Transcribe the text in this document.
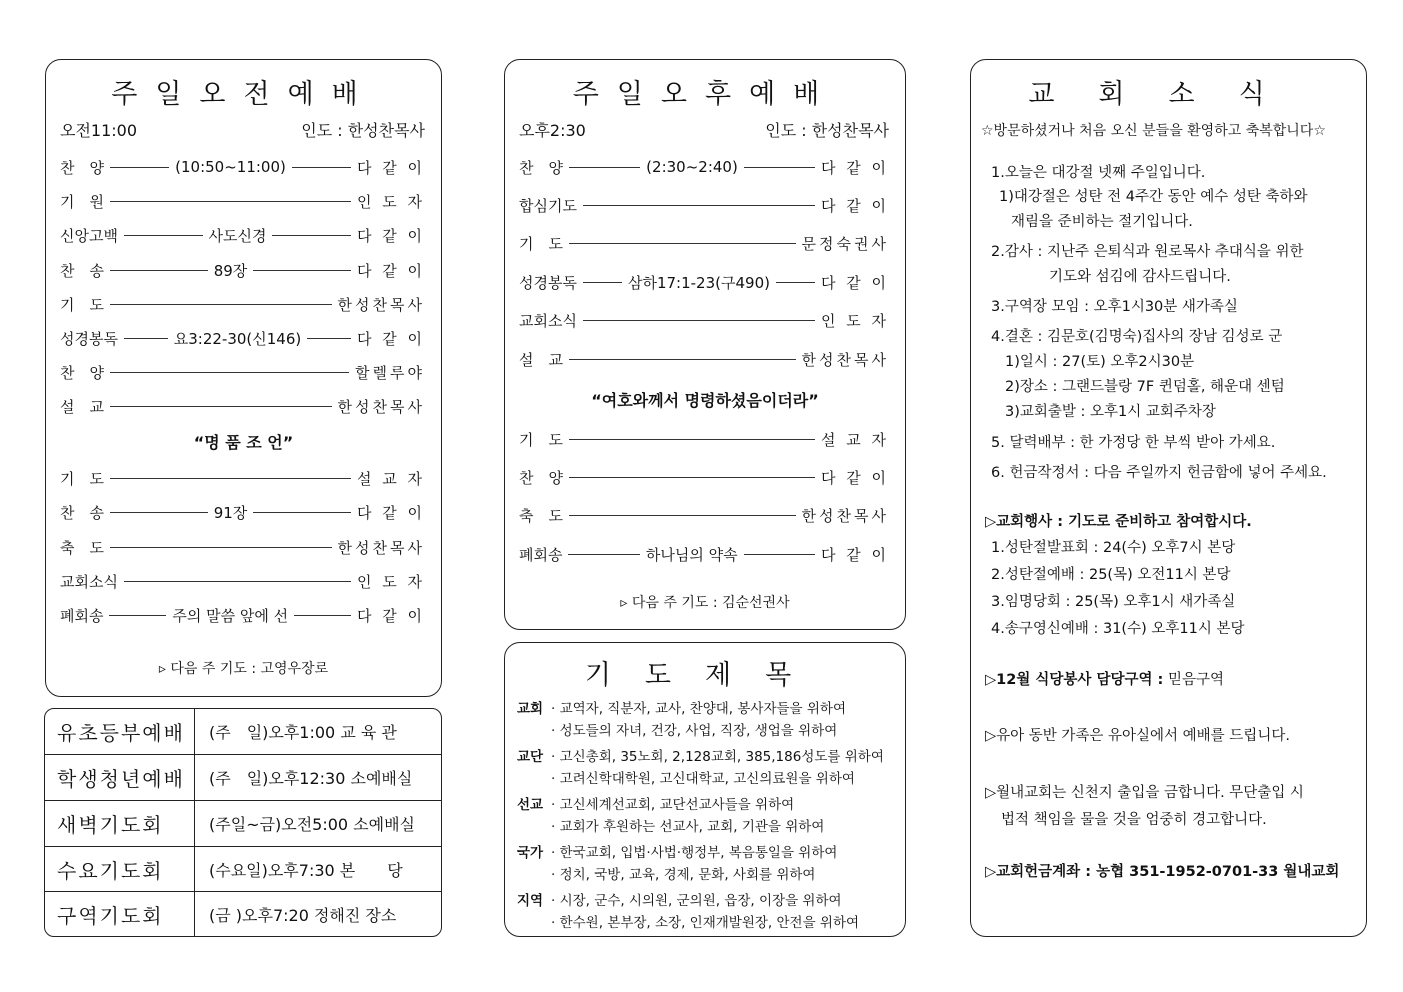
주일오전예배
오전11:00	인도 : 한성찬목사
찬　양	(10:50~11:00)	다 같 이
기　원	인 도 자
신앙고백	사도신경	다 같 이
찬　송	89장	다 같 이
기　도	한성찬목사
성경봉독	요3:22-30(신146)	다 같 이
찬　양	할렐루야
설　교	한성찬목사
“명 품 조 언”
기　도	설 교 자
찬　송	91장	다 같 이
축　도	한성찬목사
교회소식	인 도 자
폐회송	주의 말씀 앞에 선	다 같 이
▹ 다음 주 기도 : 고영우장로
유초등부예배	(주　일)오후1:00 교 육 관
학생청년예배	(주　일)오후12:30 소예배실
새벽기도회	(주일~금)오전5:00 소예배실
수요기도회	(수요일)오후7:30 본　　당
구역기도회	(금 )오후7:20 정해진 장소
주일오후예배
오후2:30	인도 : 한성찬목사
찬　양	(2:30~2:40)	다 같 이
합심기도	다 같 이
기　도	문정숙권사
성경봉독	삼하17:1-23(구490)	다 같 이
교회소식	인 도 자
설　교	한성찬목사
“여호와께서 명령하셨음이더라”
기　도	설 교 자
찬　양	다 같 이
축　도	한성찬목사
폐회송	하나님의 약속	다 같 이
▹ 다음 주 기도 : 김순선권사
기도제목
교회 · 교역자, 직분자, 교사, 찬양대, 봉사자들을 위하여
· 성도들의 자녀, 건강, 사업, 직장, 생업을 위하여
교단 · 고신총회, 35노회, 2,128교회, 385,186성도를 위하여
· 고려신학대학원, 고신대학교, 고신의료원을 위하여
선교 · 고신세계선교회, 교단선교사들을 위하여
· 교회가 후원하는 선교사, 교회, 기관을 위하여
국가 · 한국교회, 입법·사법·행정부, 복음통일을 위하여
· 정치, 국방, 교육, 경제, 문화, 사회를 위하여
지역 · 시장, 군수, 시의원, 군의원, 읍장, 이장을 위하여
· 한수원, 본부장, 소장, 인재개발원장, 안전을 위하여
교회소식
☆방문하셨거나 처음 오신 분들을 환영하고 축복합니다☆
1.오늘은 대강절 넷째 주일입니다.
1)대강절은 성탄 전 4주간 동안 예수 성탄 축하와
재림을 준비하는 절기입니다.
2.감사 : 지난주 은퇴식과 원로목사 추대식을 위한
기도와 섬김에 감사드립니다.
3.구역장 모임 : 오후1시30분 새가족실
4.결혼 : 김문호(김명숙)집사의 장남 김성로 군
1)일시 : 27(토) 오후2시30분
2)장소 : 그랜드블랑 7F 퀸덤홀, 해운대 센텀
3)교회출발 : 오후1시 교회주차장
5. 달력배부 : 한 가정당 한 부씩 받아 가세요.
6. 헌금작정서 : 다음 주일까지 헌금함에 넣어 주세요.
▷교회행사 : 기도로 준비하고 참여합시다.
1.성탄절발표회 : 24(수) 오후7시 본당
2.성탄절예배 : 25(목) 오전11시 본당
3.임명당회 : 25(목) 오후1시 새가족실
4.송구영신예배 : 31(수) 오후11시 본당
▷12월 식당봉사 담당구역 : 믿음구역
▷유아 동반 가족은 유아실에서 예배를 드립니다.
▷월내교회는 신천지 출입을 금합니다. 무단출입 시
법적 책임을 물을 것을 엄중히 경고합니다.
▷교회헌금계좌 : 농협 351-1952-0701-33 월내교회
